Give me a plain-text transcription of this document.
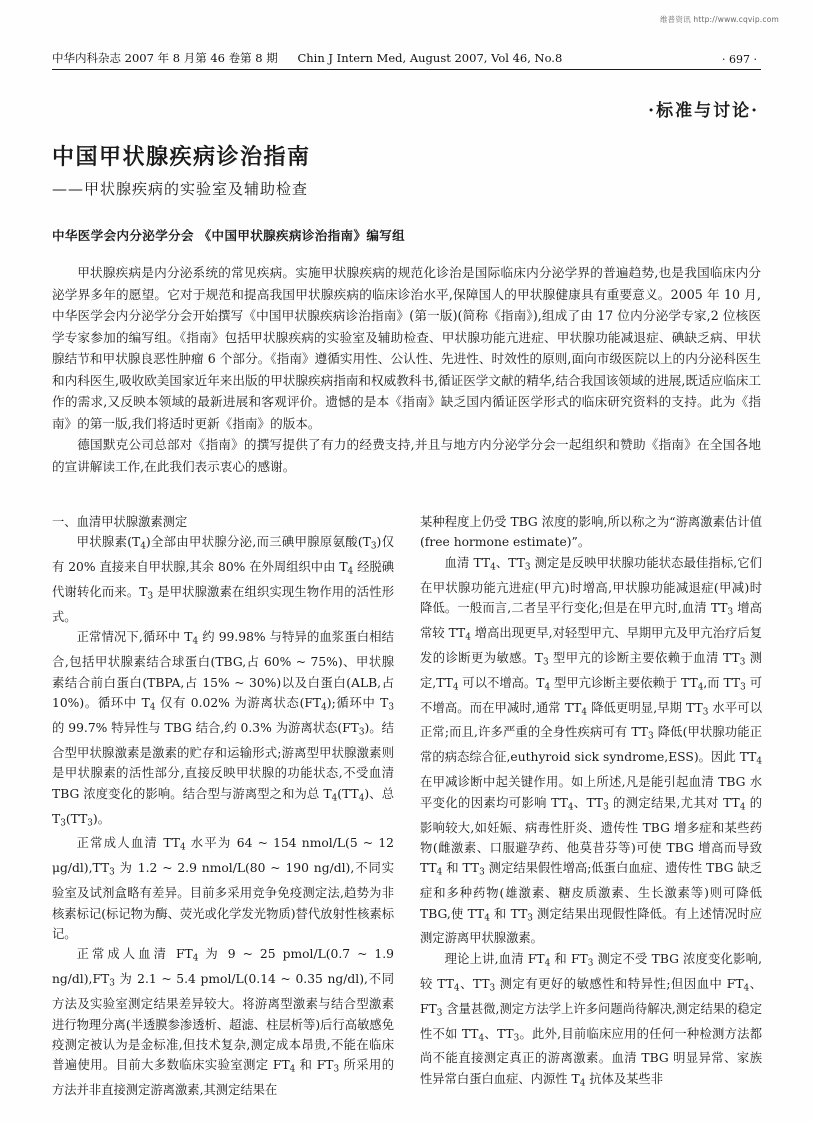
维普资讯 http://www.cqvip.com
中华内科杂志 2007 年 8 月第 46 卷第 8 期 Chin J Intern Med, August 2007, Vol 46, No.8	· 697 ·
·标准与讨论·
中国甲状腺疾病诊治指南
——甲状腺疾病的实验室及辅助检查
中华医学会内分泌学分会 《中国甲状腺疾病诊治指南》编写组

甲状腺疾病是内分泌系统的常见疾病。实施甲状腺疾病的规范化诊治是国际临床内分泌学界的普遍趋势,也是我国临床内分泌学界多年的愿望。它对于规范和提高我国甲状腺疾病的临床诊治水平,保障国人的甲状腺健康具有重要意义。2005 年 10 月,中华医学会内分泌学分会开始撰写《中国甲状腺疾病诊治指南》(第一版)(简称《指南》),组成了由 17 位内分泌学专家,2 位核医学专家参加的编写组。《指南》包括甲状腺疾病的实验室及辅助检查、甲状腺功能亢进症、甲状腺功能减退症、碘缺乏病、甲状腺结节和甲状腺良恶性肿瘤 6 个部分。《指南》遵循实用性、公认性、先进性、时效性的原则,面向市级医院以上的内分泌科医生和内科医生,吸收欧美国家近年来出版的甲状腺疾病指南和权威教科书,循证医学文献的精华,结合我国该领域的进展,既适应临床工作的需求,又反映本领域的最新进展和客观评价。遗憾的是本《指南》缺乏国内循证医学形式的临床研究资料的支持。此为《指南》的第一版,我们将适时更新《指南》的版本。

德国默克公司总部对《指南》的撰写提供了有力的经费支持,并且与地方内分泌学分会一起组织和赞助《指南》在全国各地的宣讲解读工作,在此我们表示衷心的感谢。

一、血清甲状腺激素测定

甲状腺素$(T_4)$全部由甲状腺分泌,而三碘甲腺原氨酸$(T_3)$仅有 20% 直接来自甲状腺,其余 80% 在外周组织中由 $T_4$ 经脱碘代谢转化而来。$T_3$ 是甲状腺激素在组织实现生物作用的活性形式。

正常情况下,循环中 $T_4$ 约 99.98% 与特异的血浆蛋白相结合,包括甲状腺素结合球蛋白(TBG,占 60% ~ 75%)、甲状腺素结合前白蛋白(TBPA,占 15% ~ 30%)以及白蛋白(ALB,占 10%)。循环中 $T_4$ 仅有 0.02% 为游离状态$(FT_4)$;循环中 $T_3$ 的 99.7% 特异性与 TBG 结合,约 0.3% 为游离状态$(FT_3)$。结合型甲状腺激素是激素的贮存和运输形式;游离型甲状腺激素则是甲状腺素的活性部分,直接反映甲状腺的功能状态,不受血清 TBG 浓度变化的影响。结合型与游离型之和为总 $T_4(TT_4)$、总 $T_3(TT_3)$。

正常成人血清 $TT_4$ 水平为 64 ~ 154 nmol/L(5 ~ 12 $\mu g/dl),TT_3$ 为 1.2 ~ 2.9 nmol/L(80 ~ 190 ng/dl),不同实验室及试剂盒略有差异。目前多采用竞争免疫测定法,趋势为非核素标记(标记物为酶、荧光或化学发光物质)替代放射性核素标记。

正常成人血清 $FT_4$ 为 9 ~ 25 pmol/L(0.7 ~ 1.9 $ng/dl),FT_3$ 为 2.1 ~ 5.4 pmol/L(0.14 ~ 0.35 ng/dl),不同方法及实验室测定结果差异较大。将游离型激素与结合型激素进行物理分离(半透膜参渗透析、超滤、柱层析等)后行高敏感免疫测定被认为是金标准,但技术复杂,测定成本昂贵,不能在临床普遍使用。目前大多数临床实验室测定 $FT_4$ 和 $FT_3$ 所采用的方法并非直接测定游离激素,其测定结果在

某种程度上仍受 TBG 浓度的影响,所以称之为“游离激素估计值(free hormone estimate)”。

血清 $TT_4$、$TT_3$ 测定是反映甲状腺功能状态最佳指标,它们在甲状腺功能亢进症(甲亢)时增高,甲状腺功能减退症(甲减)时降低。一般而言,二者呈平行变化;但是在甲亢时,血清 $TT_3$ 增高常较 $TT_4$ 增高出现更早,对轻型甲亢、早期甲亢及甲亢治疗后复发的诊断更为敏感。$T_3$ 型甲亢的诊断主要依赖于血清 $TT_3$ 测定$,TT_4$ 可以不增高。$T_4$ 型甲亢诊断主要依赖于 $TT_4$,而 $TT_3$ 可不增高。而在甲减时,通常 $TT_4$ 降低更明显,早期 $TT_3$ 水平可以正常;而且,许多严重的全身性疾病可有 $TT_3$ 降低(甲状腺功能正常的病态综合征,euthyroid sick syndrome,ESS)。因此 $TT_4$ 在甲减诊断中起关键作用。如上所述,凡是能引起血清 TBG 水平变化的因素均可影响 $TT_4$、$TT_3$ 的测定结果,尤其对 $TT_4$ 的影响较大,如妊娠、病毒性肝炎、遗传性 TBG 增多症和某些药物(雌激素、口服避孕药、他莫昔芬等)可使 TBG 增高而导致 $TT_4$ 和 $TT_3$ 测定结果假性增高;低蛋白血症、遗传性 TBG 缺乏症和多种药物(雄激素、糖皮质激素、生长激素等)则可降低 TBG,使 $TT_4$ 和 $TT_3$ 测定结果出现假性降低。有上述情况时应测定游离甲状腺激素。

理论上讲,血清 $FT_4$ 和 $FT_3$ 测定不受 TBG 浓度变化影响,较 $TT_4$、$TT_3$ 测定有更好的敏感性和特异性;但因血中 $FT_4$、$FT_3$ 含量甚微,测定方法学上许多问题尚待解决,测定结果的稳定性不如 $TT_4$、$TT_3$。此外,目前临床应用的任何一种检测方法都尚不能直接测定真正的游离激素。血清 TBG 明显异常、家族性异常白蛋白血症、内源性 $T_4$ 抗体及某些非
